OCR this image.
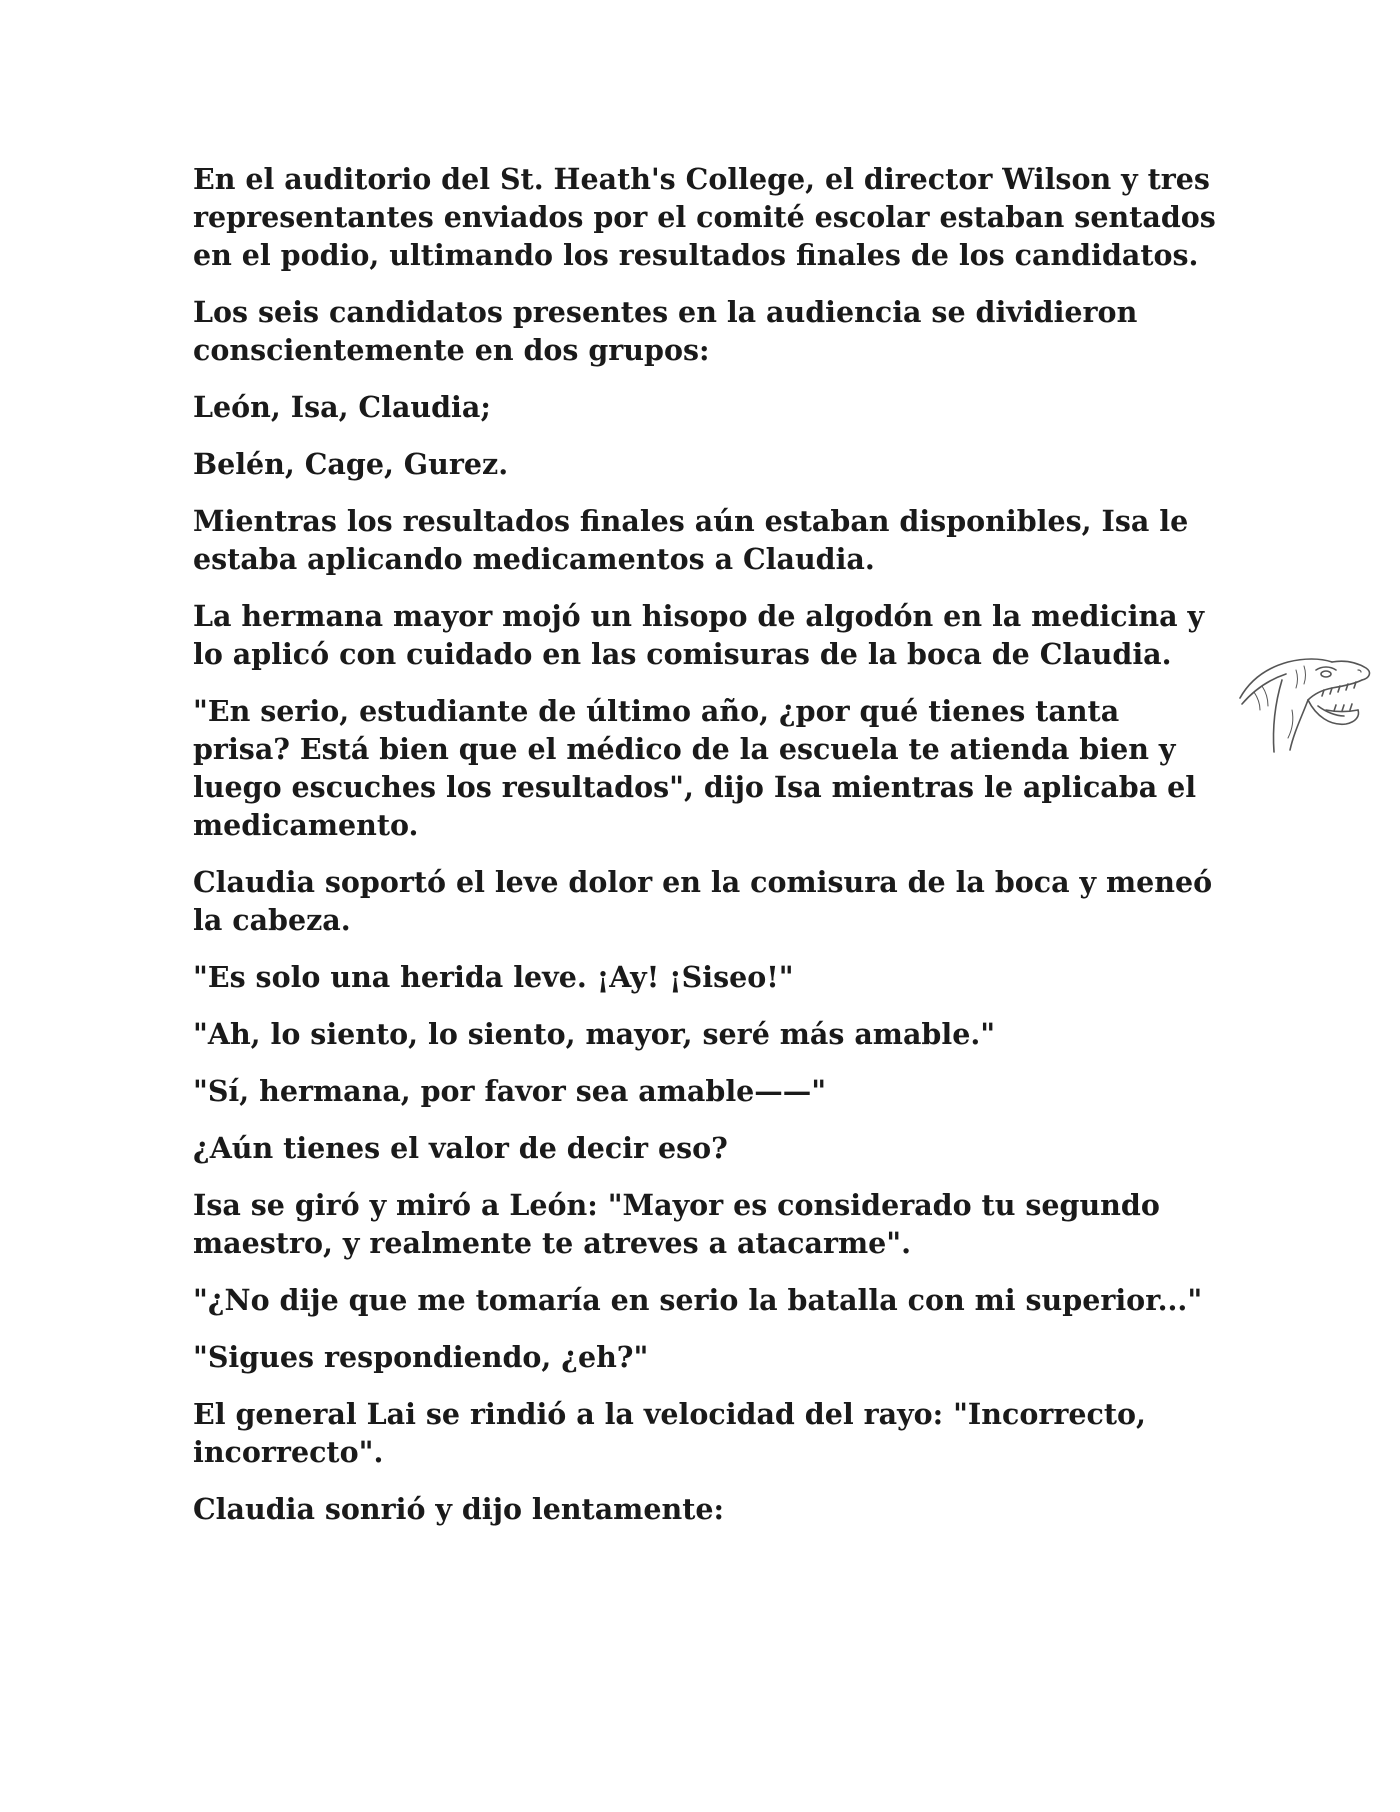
En el auditorio del St. Heath's College, el director Wilson y tres representantes enviados por el comité escolar estaban sentados en el podio, ultimando los resultados finales de los candidatos.

Los seis candidatos presentes en la audiencia se dividieron conscientemente en dos grupos:

León, Isa, Claudia;

Belén, Cage, Gurez.

Mientras los resultados finales aún estaban disponibles, Isa le estaba aplicando medicamentos a Claudia.

La hermana mayor mojó un hisopo de algodón en la medicina y lo aplicó con cuidado en las comisuras de la boca de Claudia.

"En serio, estudiante de último año, ¿por qué tienes tanta prisa? Está bien que el médico de la escuela te atienda bien y luego escuches los resultados", dijo Isa mientras le aplicaba el medicamento.

Claudia soportó el leve dolor en la comisura de la boca y meneó la cabeza.

"Es solo una herida leve. ¡Ay! ¡Siseo!"

"Ah, lo siento, lo siento, mayor, seré más amable."

"Sí, hermana, por favor sea amable——"

¿Aún tienes el valor de decir eso?

Isa se giró y miró a León: "Mayor es considerado tu segundo maestro, y realmente te atreves a atacarme".

"¿No dije que me tomaría en serio la batalla con mi superior..."

"Sigues respondiendo, ¿eh?"

El general Lai se rindió a la velocidad del rayo: "Incorrecto, incorrecto".

Claudia sonrió y dijo lentamente:
